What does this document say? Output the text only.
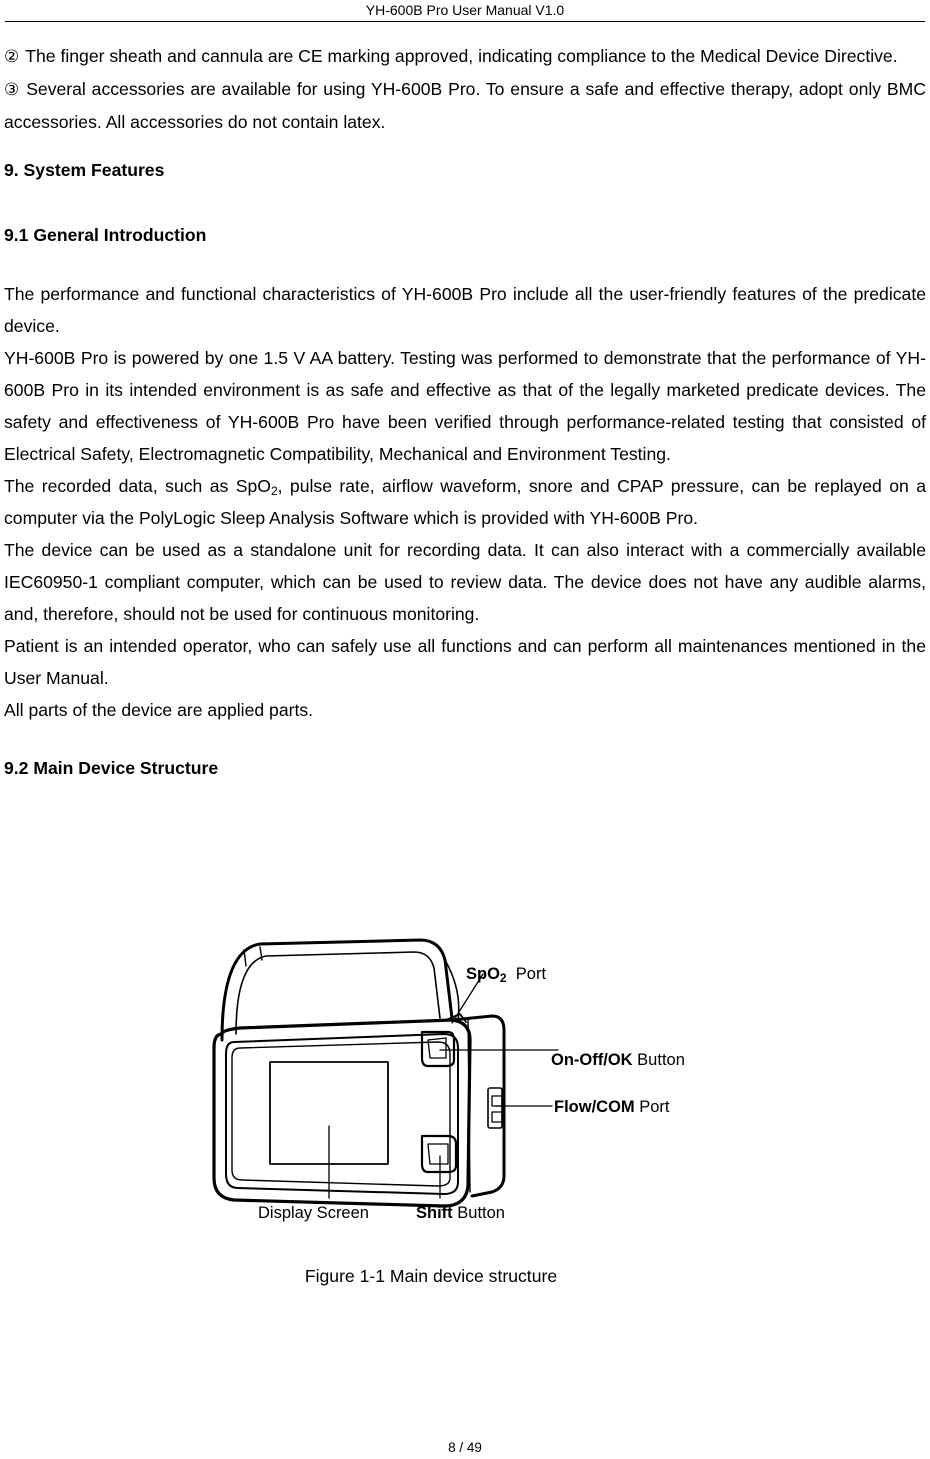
YH-600B Pro User Manual V1.0

② The finger sheath and cannula are CE marking approved, indicating compliance to the Medical Device Directive.

③ Several accessories are available for using YH-600B Pro. To ensure a safe and effective therapy, adopt only BMC accessories. All accessories do not contain latex.

9. System Features

9.1 General Introduction

The performance and functional characteristics of YH-600B Pro include all the user-friendly features of the predicate device.

YH-600B Pro is powered by one 1.5 V AA battery. Testing was performed to demonstrate that the performance of YH-600B Pro in its intended environment is as safe and effective as that of the legally marketed predicate devices. The safety and effectiveness of YH-600B Pro have been verified through performance-related testing that consisted of Electrical Safety, Electromagnetic Compatibility, Mechanical and Environment Testing.

The recorded data, such as SpO$_2$, pulse rate, airflow waveform, snore and CPAP pressure, can be replayed on a computer via the PolyLogic Sleep Analysis Software which is provided with YH-600B Pro.

The device can be used as a standalone unit for recording data. It can also interact with a commercially available IEC60950-1 compliant computer, which can be used to review data. The device does not have any audible alarms, and, therefore, should not be used for continuous monitoring.

Patient is an intended operator, who can safely use all functions and can perform all maintenances mentioned in the User Manual.

All parts of the device are applied parts.

9.2 Main Device Structure

SpO$_2$ Port
On-Off/OK Button
Flow/COM Port
Display Screen	Shift Button
Figure 1-1 Main device structure
8 / 49
